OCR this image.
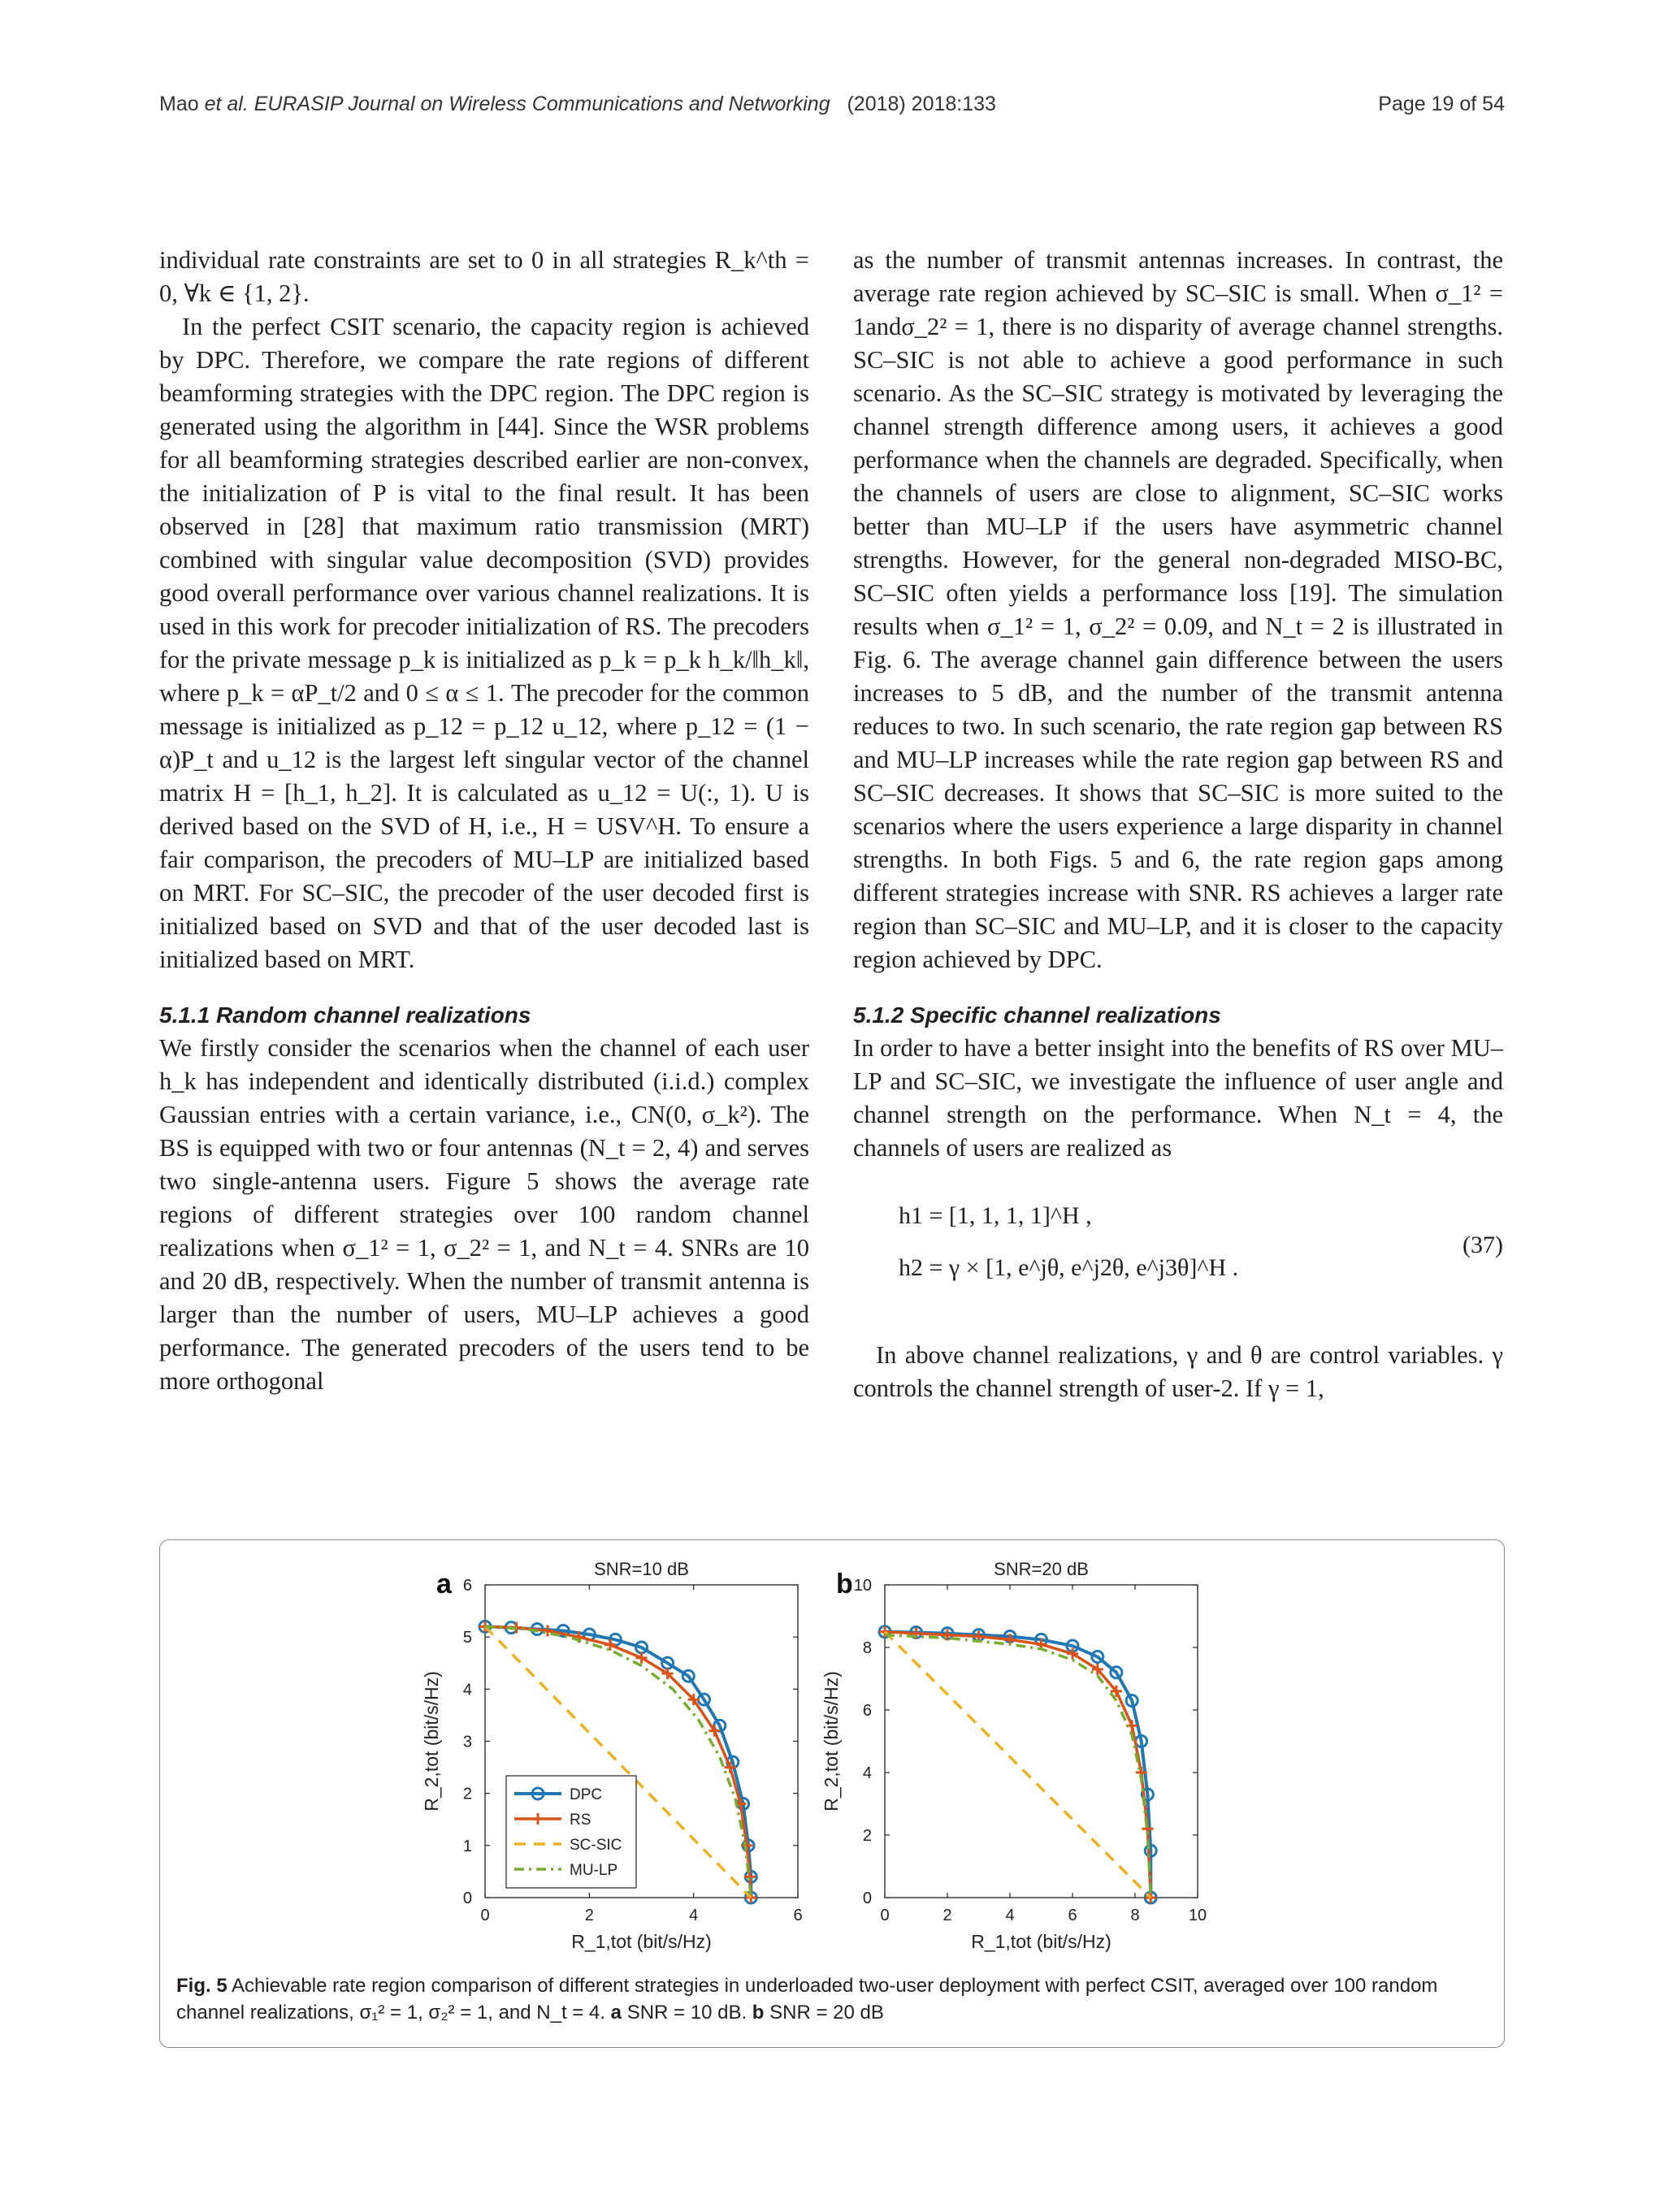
Mao et al. EURASIP Journal on Wireless Communications and Networking (2018) 2018:133	Page 19 of 54

individual rate constraints are set to 0 in all strategies R_k^th = 0, ∀k ∈ {1, 2}.

In the perfect CSIT scenario, the capacity region is achieved by DPC. Therefore, we compare the rate regions of different beamforming strategies with the DPC region. The DPC region is generated using the algorithm in [44]. Since the WSR problems for all beamforming strategies described earlier are non-convex, the initialization of P is vital to the final result. It has been observed in [28] that maximum ratio transmission (MRT) combined with singular value decomposition (SVD) provides good overall performance over various channel realizations. It is used in this work for precoder initialization of RS. The precoders for the private message p_k is initialized as p_k = p_k h_k/‖h_k‖, where p_k = αP_t/2 and 0 ≤ α ≤ 1. The precoder for the common message is initialized as p_12 = p_12 u_12, where p_12 = (1 − α)P_t and u_12 is the largest left singular vector of the channel matrix H = [h_1, h_2]. It is calculated as u_12 = U(:, 1). U is derived based on the SVD of H, i.e., H = USV^H. To ensure a fair comparison, the precoders of MU–LP are initialized based on MRT. For SC–SIC, the precoder of the user decoded first is initialized based on SVD and that of the user decoded last is initialized based on MRT.

5.1.1 Random channel realizations

We firstly consider the scenarios when the channel of each user h_k has independent and identically distributed (i.i.d.) complex Gaussian entries with a certain variance, i.e., CN(0, σ_k²). The BS is equipped with two or four antennas (N_t = 2, 4) and serves two single-antenna users. Figure 5 shows the average rate regions of different strategies over 100 random channel realizations when σ_1² = 1, σ_2² = 1, and N_t = 4. SNRs are 10 and 20 dB, respectively. When the number of transmit antenna is larger than the number of users, MU–LP achieves a good performance. The generated precoders of the users tend to be more orthogonal

as the number of transmit antennas increases. In contrast, the average rate region achieved by SC–SIC is small. When σ_1² = 1andσ_2² = 1, there is no disparity of average channel strengths. SC–SIC is not able to achieve a good performance in such scenario. As the SC–SIC strategy is motivated by leveraging the channel strength difference among users, it achieves a good performance when the channels are degraded. Specifically, when the channels of users are close to alignment, SC–SIC works better than MU–LP if the users have asymmetric channel strengths. However, for the general non-degraded MISO-BC, SC–SIC often yields a performance loss [19]. The simulation results when σ_1² = 1, σ_2² = 0.09, and N_t = 2 is illustrated in Fig. 6. The average channel gain difference between the users increases to 5 dB, and the number of the transmit antenna reduces to two. In such scenario, the rate region gap between RS and MU–LP increases while the rate region gap between RS and SC–SIC decreases. It shows that SC–SIC is more suited to the scenarios where the users experience a large disparity in channel strengths. In both Figs. 5 and 6, the rate region gaps among different strategies increase with SNR. RS achieves a larger rate region than SC–SIC and MU–LP, and it is closer to the capacity region achieved by DPC.

5.1.2 Specific channel realizations

In order to have a better insight into the benefits of RS over MU–LP and SC–SIC, we investigate the influence of user angle and channel strength on the performance. When N_t = 4, the channels of users are realized as

h1 = [1, 1, 1, 1]^H ,
h2 = γ × [1, e^jθ, e^j2θ, e^j3θ]^H .
(37)

In above channel realizations, γ and θ are control variables. γ controls the channel strength of user-2. If γ = 1,

0	2	4	6
0
1
2
3
4
5
6
SNR=10 dB
a
R_1,tot (bit/s/Hz)
R_2,tot (bit/s/Hz)	DPC
RS
SC-SIC
MU-LP
0	2	4	6	8	10
0
2
4
6
8
10
SNR=20 dB
b
R_1,tot (bit/s/Hz)
R_2,tot (bit/s/Hz)
Fig. 5 Achievable rate region comparison of different strategies in underloaded two-user deployment with perfect CSIT, averaged over 100 random channel realizations, σ₁² = 1, σ₂² = 1, and N_t = 4. a SNR = 10 dB. b SNR = 20 dB
